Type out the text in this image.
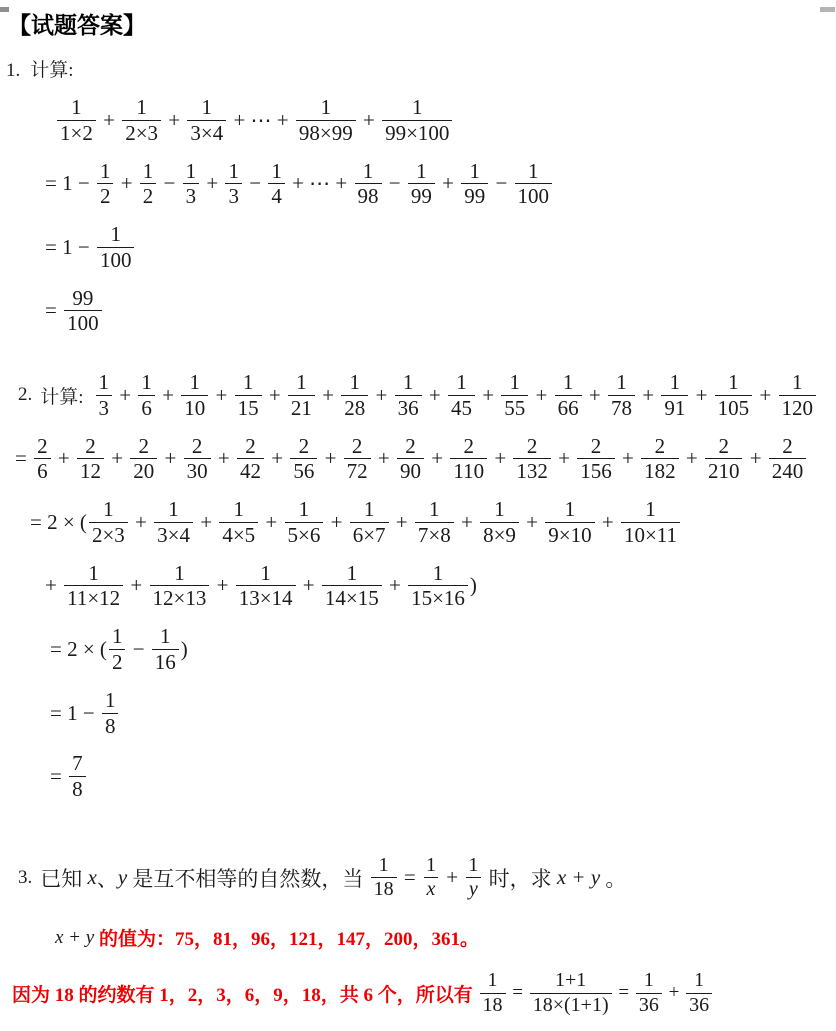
【试题答案】
1. 计算:
$\frac{1}{1\times 2} + \frac{1}{2\times 3} + \frac{1}{3\times 4}$ + ⋯ + $\frac{1}{98\times 99} + \frac{1}{99\times 100}$
= $1 - \frac{1}{2} + \frac{1}{2} - \frac{1}{3} + \frac{1}{3} - \frac{1}{4}$ + ⋯ + $\frac{1}{98} - \frac{1}{99} + \frac{1}{99} - \frac{1}{100}$
= $1 - \frac{1}{100}$
= $\frac{99}{100}$
2. 计算: $\frac{1}{3} + \frac{1}{6} + \frac{1}{10} + \frac{1}{15} + \frac{1}{21} + \frac{1}{28} + \frac{1}{36} + \frac{1}{45} + \frac{1}{55} + \frac{1}{66} + \frac{1}{78} + \frac{1}{91} + \frac{1}{105} + \frac{1}{120}$
= $\frac{2}{6} + \frac{2}{12} + \frac{2}{20} + \frac{2}{30} + \frac{2}{42} + \frac{2}{56} + \frac{2}{72} + \frac{2}{90} + \frac{2}{110} + \frac{2}{132} + \frac{2}{156} + \frac{2}{182} + \frac{2}{210} + \frac{2}{240}$
= 2 × ( $\frac{1}{2\times 3} + \frac{1}{3\times 4} + \frac{1}{4\times 5} + \frac{1}{5\times 6} + \frac{1}{6\times 7} + \frac{1}{7\times 8} + \frac{1}{8\times 9} + \frac{1}{9\times 10} + \frac{1}{10\times 11}$
+ $\frac{1}{11\times 12} + \frac{1}{12\times 13} + \frac{1}{13\times 14} + \frac{1}{14\times 15} + \frac{1}{15\times 16}$ )
= 2 × ( $\frac{1}{2} - \frac{1}{16}$ )
= $1 - \frac{1}{8}$
= $\frac{7}{8}$
3. 已知 x 、 y 是互不相等的自然数，当 $\frac{1}{18} = \frac{1}{x} + \frac{1}{y}$ 时，求 x + y 。
x + y
的值为：75，81，96，121，147，200，361。
因为 18 的约数有 1，2，3，6，9，18，共 6 个，所以有 $\frac{1}{18} = \frac{1+1}{18\times(1+1)} = \frac{1}{36} + \frac{1}{36}$
